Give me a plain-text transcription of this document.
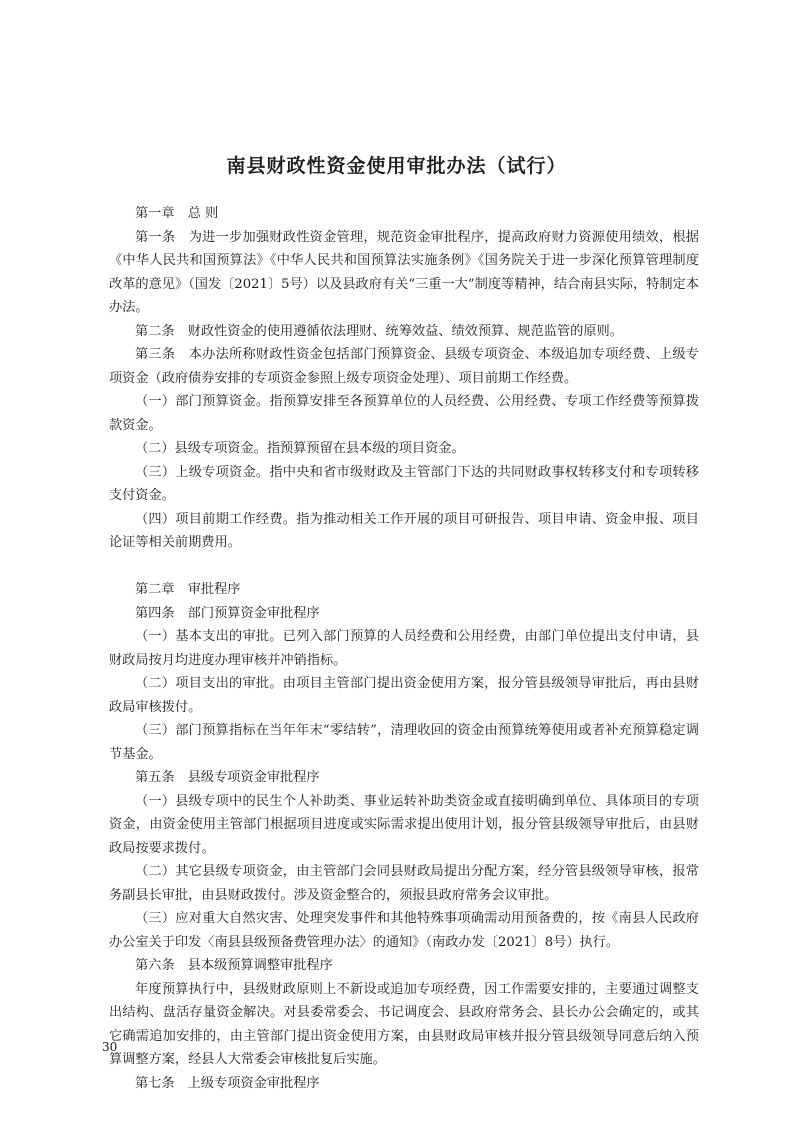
南县财政性资金使用审批办法（试行）

第一章　总 则

第一条　为进一步加强财政性资金管理，规范资金审批程序，提高政府财力资源使用绩效，根据《中华人民共和国预算法》《中华人民共和国预算法实施条例》《国务院关于进一步深化预算管理制度改革的意见》（国发〔2021〕5号）以及县政府有关“三重一大”制度等精神，结合南县实际，特制定本办法。

第二条　财政性资金的使用遵循依法理财、统筹效益、绩效预算、规范监管的原则。

第三条　本办法所称财政性资金包括部门预算资金、县级专项资金、本级追加专项经费、上级专项资金（政府债券安排的专项资金参照上级专项资金处理）、项目前期工作经费。

（一）部门预算资金。指预算安排至各预算单位的人员经费、公用经费、专项工作经费等预算拨款资金。

（二）县级专项资金。指预算预留在县本级的项目资金。

（三）上级专项资金。指中央和省市级财政及主管部门下达的共同财政事权转移支付和专项转移支付资金。

（四）项目前期工作经费。指为推动相关工作开展的项目可研报告、项目申请、资金申报、项目论证等相关前期费用。

第二章　审批程序

第四条　部门预算资金审批程序

（一）基本支出的审批。已列入部门预算的人员经费和公用经费，由部门单位提出支付申请，县财政局按月均进度办理审核并冲销指标。

（二）项目支出的审批。由项目主管部门提出资金使用方案，报分管县级领导审批后，再由县财政局审核拨付。

（三）部门预算指标在当年年末“零结转”，清理收回的资金由预算统筹使用或者补充预算稳定调节基金。

第五条　县级专项资金审批程序

（一）县级专项中的民生个人补助类、事业运转补助类资金或直接明确到单位、具体项目的专项资金，由资金使用主管部门根据项目进度或实际需求提出使用计划，报分管县级领导审批后，由县财政局按要求拨付。

（二）其它县级专项资金，由主管部门会同县财政局提出分配方案，经分管县级领导审核，报常务副县长审批，由县财政拨付。涉及资金整合的，须报县政府常务会议审批。

（三）应对重大自然灾害、处理突发事件和其他特殊事项确需动用预备费的，按《南县人民政府办公室关于印发〈南县县级预备费管理办法〉的通知》（南政办发〔2021〕8号）执行。

第六条　县本级预算调整审批程序

年度预算执行中，县级财政原则上不新设或追加专项经费，因工作需要安排的，主要通过调整支出结构、盘活存量资金解决。对县委常委会、书记调度会、县政府常务会、县长办公会确定的，或其它确需追加安排的，由主管部门提出资金使用方案，由县财政局审核并报分管县级领导同意后纳入预算调整方案，经县人大常委会审核批复后实施。

第七条　上级专项资金审批程序

30
